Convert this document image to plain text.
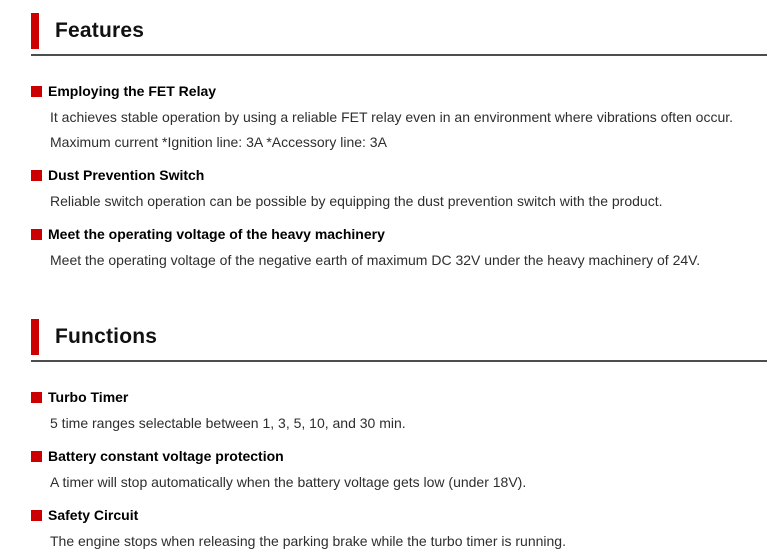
Features
Employing the FET Relay

It achieves stable operation by using a reliable FET relay even in an environment where vibrations often occur.

Maximum current *Ignition line: 3A *Accessory line: 3A

Dust Prevention Switch

Reliable switch operation can be possible by equipping the dust prevention switch with the product.

Meet the operating voltage of the heavy machinery

Meet the operating voltage of the negative earth of maximum DC 32V under the heavy machinery of 24V.

Functions
Turbo Timer

5 time ranges selectable between 1, 3, 5, 10, and 30 min.

Battery constant voltage protection

A timer will stop automatically when the battery voltage gets low (under 18V).

Safety Circuit

The engine stops when releasing the parking brake while the turbo timer is running.
